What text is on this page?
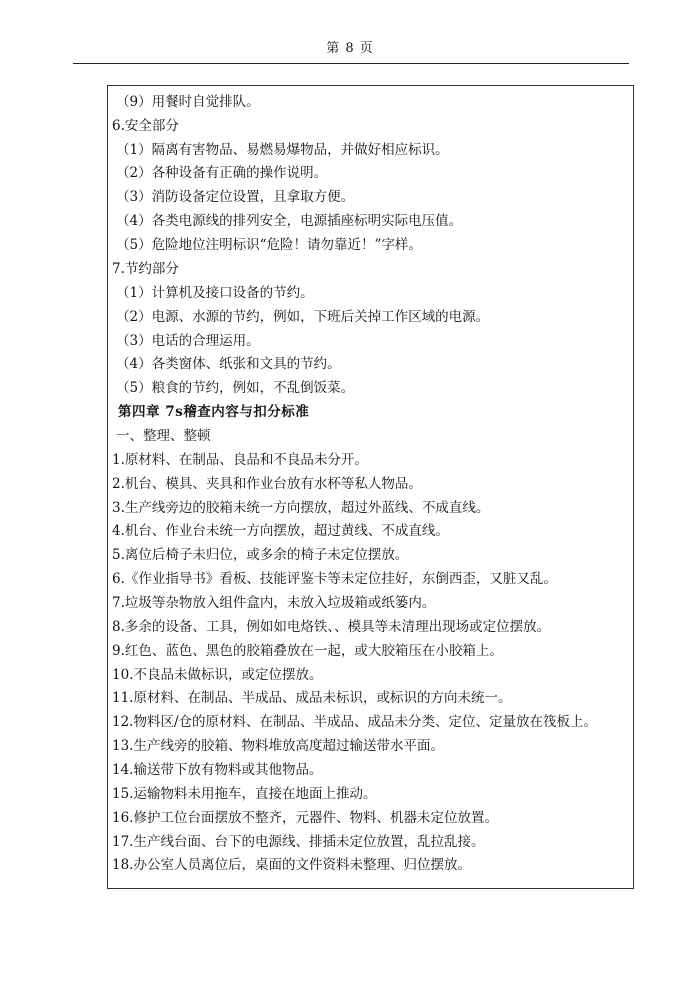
第 8 页
（9）用餐时自觉排队。
6.安全部分
（1）隔离有害物品、易燃易爆物品，并做好相应标识。
（2）各种设备有正确的操作说明。
（3）消防设备定位设置，且拿取方便。
（4）各类电源线的排列安全，电源插座标明实际电压值。
（5）危险地位注明标识“危险！请勿靠近！”字样。
7.节约部分
（1）计算机及接口设备的节约。
（2）电源、水源的节约，例如，下班后关掉工作区域的电源。
（3）电话的合理运用。
（4）各类窗体、纸张和文具的节约。
（5）粮食的节约，例如，不乱倒饭菜。
第四章 7s稽查内容与扣分标准
一、整理、整顿
1.原材料、在制品、良品和不良品未分开。
2.机台、模具、夹具和作业台放有水杯等私人物品。
3.生产线旁边的胶箱未统一方向摆放，超过外蓝线、不成直线。
4.机台、作业台未统一方向摆放，超过黄线、不成直线。
5.离位后椅子未归位，或多余的椅子未定位摆放。
6.《作业指导书》看板、技能评鉴卡等未定位挂好，东倒西歪，又脏又乱。
7.垃圾等杂物放入组件盒内，未放入垃圾箱或纸篓内。
8.多余的设备、工具，例如如电烙铁、、模具等未清理出现场或定位摆放。
9.红色、蓝色、黑色的胶箱叠放在一起，或大胶箱压在小胶箱上。
10.不良品未做标识，或定位摆放。
11.原材料、在制品、半成品、成品未标识，或标识的方向未统一。
12.物料区/仓的原材料、在制品、半成品、成品未分类、定位、定量放在筏板上。
13.生产线旁的胶箱、物料堆放高度超过输送带水平面。
14.输送带下放有物料或其他物品。
15.运输物料未用拖车，直接在地面上推动。
16.修护工位台面摆放不整齐，元器件、物料、机器未定位放置。
17.生产线台面、台下的电源线、排插未定位放置，乱拉乱接。
18.办公室人员离位后，桌面的文件资料未整理、归位摆放。
